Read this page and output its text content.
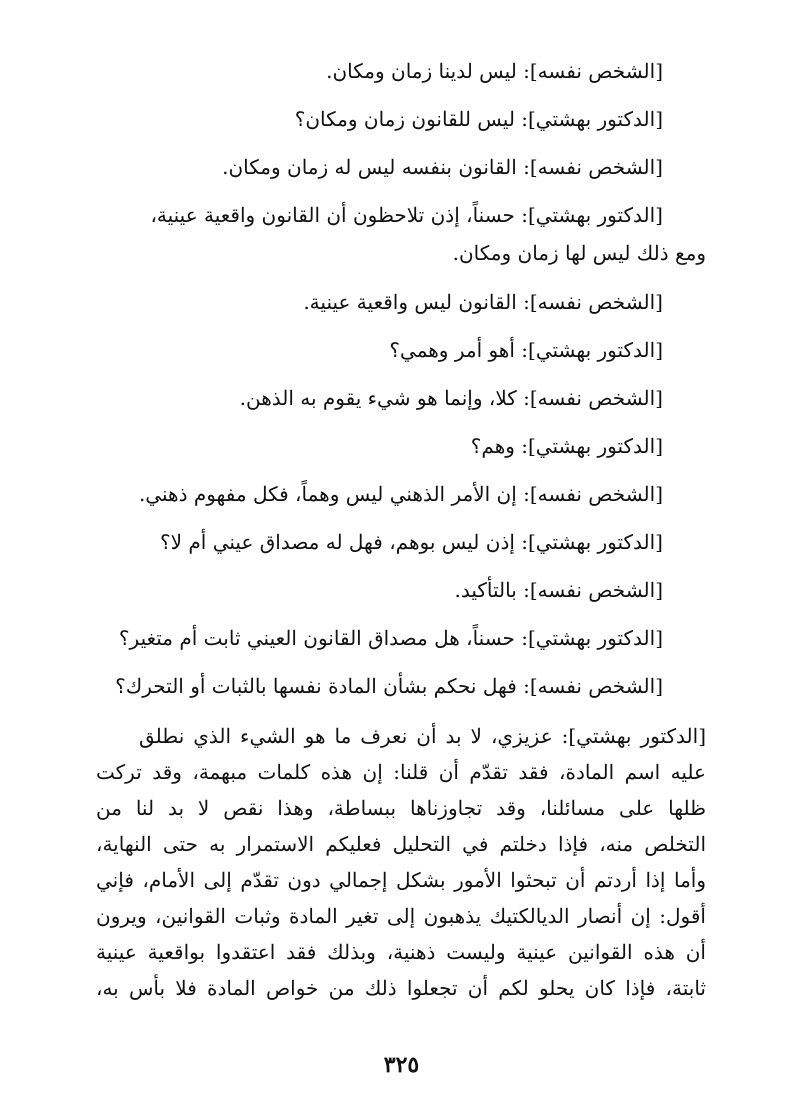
[الشخص نفسه]: ليس لدينا زمان ومكان.
[الدكتور بهشتي]: ليس للقانون زمان ومكان؟
[الشخص نفسه]: القانون بنفسه ليس له زمان ومكان.
[الدكتور بهشتي]: حسناً، إذن تلاحظون أن القانون واقعية عينية،
ومع ذلك ليس لها زمان ومكان.
[الشخص نفسه]: القانون ليس واقعية عينية.
[الدكتور بهشتي]: أهو أمر وهمي؟
[الشخص نفسه]: كلا، وإنما هو شيء يقوم به الذهن.
[الدكتور بهشتي]: وهم؟
[الشخص نفسه]: إن الأمر الذهني ليس وهماً، فكل مفهوم ذهني.
[الدكتور بهشتي]: إذن ليس بوهم، فهل له مصداق عيني أم لا؟
[الشخص نفسه]: بالتأكيد.
[الدكتور بهشتي]: حسناً، هل مصداق القانون العيني ثابت أم متغير؟
[الشخص نفسه]: فهل نحكم بشأن المادة نفسها بالثبات أو التحرك؟
[الدكتور بهشتي]: عزيزي، لا بد أن نعرف ما هو الشيء الذي نطلق
عليه اسم المادة، فقد تقدّم أن قلنا: إن هذه كلمات مبهمة، وقد تركت
ظلها على مسائلنا، وقد تجاوزناها ببساطة، وهذا نقص لا بد لنا من
التخلص منه، فإذا دخلتم في التحليل فعليكم الاستمرار به حتى النهاية،
وأما إذا أردتم أن تبحثوا الأمور بشكل إجمالي دون تقدّم إلى الأمام، فإني
أقول: إن أنصار الديالكتيك يذهبون إلى تغير المادة وثبات القوانين، ويرون
أن هذه القوانين عينية وليست ذهنية، وبذلك فقد اعتقدوا بواقعية عينية
ثابتة، فإذا كان يحلو لكم أن تجعلوا ذلك من خواص المادة فلا بأس به،
٣٢٥
